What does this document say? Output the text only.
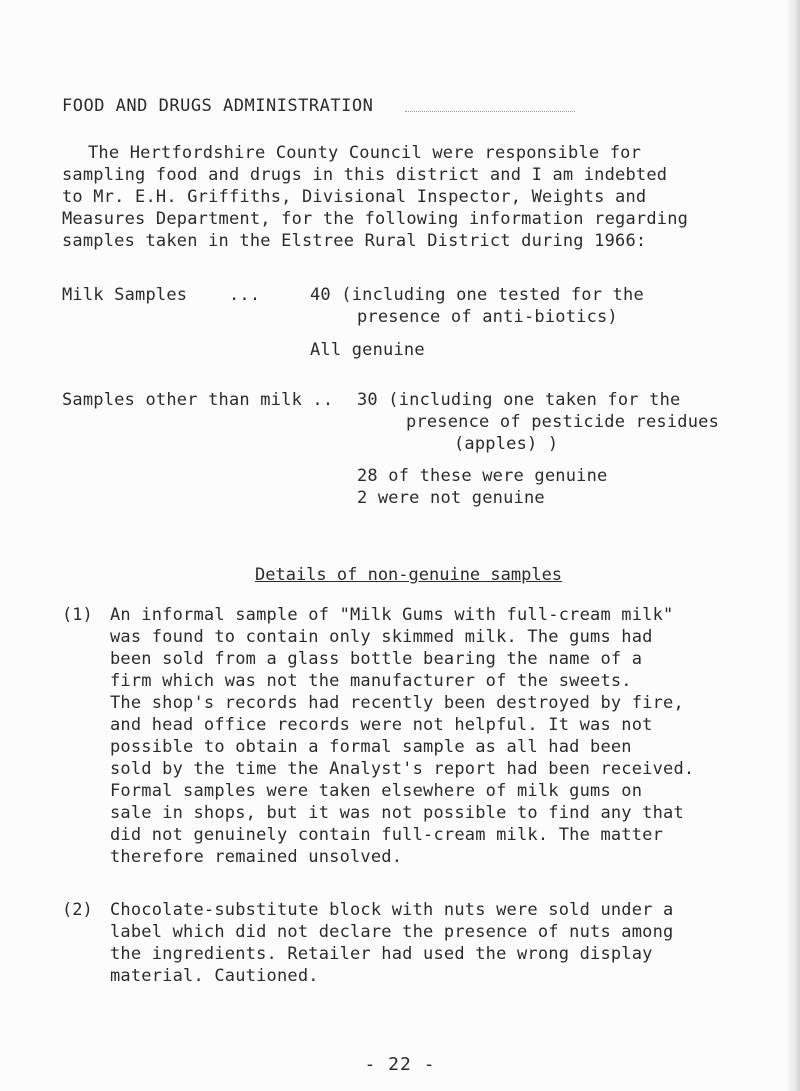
FOOD AND DRUGS ADMINISTRATION
The Hertfordshire County Council were responsible for
sampling food and drugs in this district and I am indebted
to Mr. E.H. Griffiths, Divisional Inspector, Weights and
Measures Department, for the following information regarding
samples taken in the Elstree Rural District during 1966:
Milk Samples    ...	40 (including one tested for the
presence of anti-biotics)
All genuine
Samples other than milk .. 30 (including one taken for the
presence of pesticide residues
(apples) )
28 of these were genuine
2 were not genuine
Details of non-genuine samples
(1) An informal sample of "Milk Gums with full-cream milk"
was found to contain only skimmed milk. The gums had
been sold from a glass bottle bearing the name of a
firm which was not the manufacturer of the sweets.
The shop's records had recently been destroyed by fire,
and head office records were not helpful. It was not
possible to obtain a formal sample as all had been
sold by the time the Analyst's report had been received.
Formal samples were taken elsewhere of milk gums on
sale in shops, but it was not possible to find any that
did not genuinely contain full-cream milk. The matter
therefore remained unsolved.
(2) Chocolate-substitute block with nuts were sold under a
label which did not declare the presence of nuts among
the ingredients. Retailer had used the wrong display
material. Cautioned.
- 22 -
